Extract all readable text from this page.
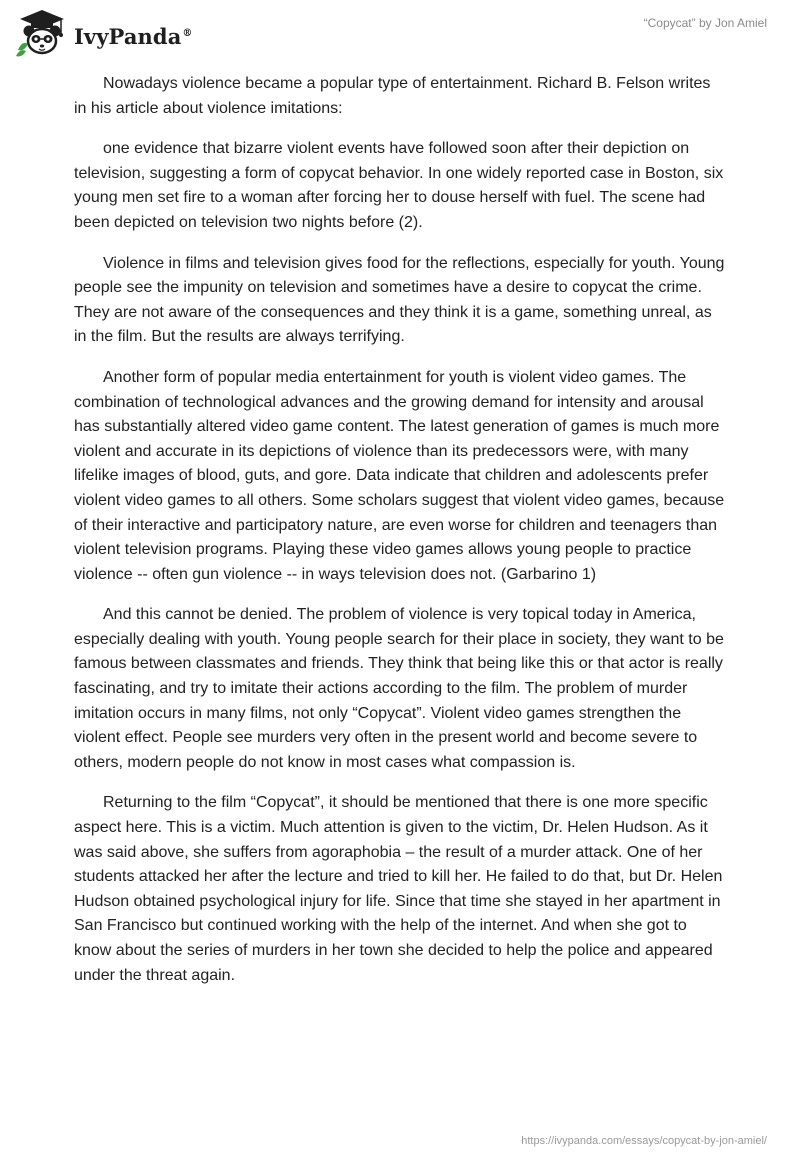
IvyPanda®
“Copycat” by Jon Amiel

Nowadays violence became a popular type of entertainment. Richard B. Felson writes in his article about violence imitations:

one evidence that bizarre violent events have followed soon after their depiction on television, suggesting a form of copycat behavior. In one widely reported case in Boston, six young men set fire to a woman after forcing her to douse herself with fuel. The scene had been depicted on television two nights before (2).

Violence in films and television gives food for the reflections, especially for youth. Young people see the impunity on television and sometimes have a desire to copycat the crime. They are not aware of the consequences and they think it is a game, something unreal, as in the film. But the results are always terrifying.

Another form of popular media entertainment for youth is violent video games. The combination of technological advances and the growing demand for intensity and arousal has substantially altered video game content. The latest generation of games is much more violent and accurate in its depictions of violence than its predecessors were, with many lifelike images of blood, guts, and gore. Data indicate that children and adolescents prefer violent video games to all others. Some scholars suggest that violent video games, because of their interactive and participatory nature, are even worse for children and teenagers than violent television programs. Playing these video games allows young people to practice violence -- often gun violence -- in ways television does not. (Garbarino 1)

And this cannot be denied. The problem of violence is very topical today in America, especially dealing with youth. Young people search for their place in society, they want to be famous between classmates and friends. They think that being like this or that actor is really fascinating, and try to imitate their actions according to the film. The problem of murder imitation occurs in many films, not only “Copycat”. Violent video games strengthen the violent effect. People see murders very often in the present world and become severe to others, modern people do not know in most cases what compassion is.

Returning to the film “Copycat”, it should be mentioned that there is one more specific aspect here. This is a victim. Much attention is given to the victim, Dr. Helen Hudson. As it was said above, she suffers from agoraphobia – the result of a murder attack. One of her students attacked her after the lecture and tried to kill her. He failed to do that, but Dr. Helen Hudson obtained psychological injury for life. Since that time she stayed in her apartment in San Francisco but continued working with the help of the internet. And when she got to know about the series of murders in her town she decided to help the police and appeared under the threat again.

https://ivypanda.com/essays/copycat-by-jon-amiel/
